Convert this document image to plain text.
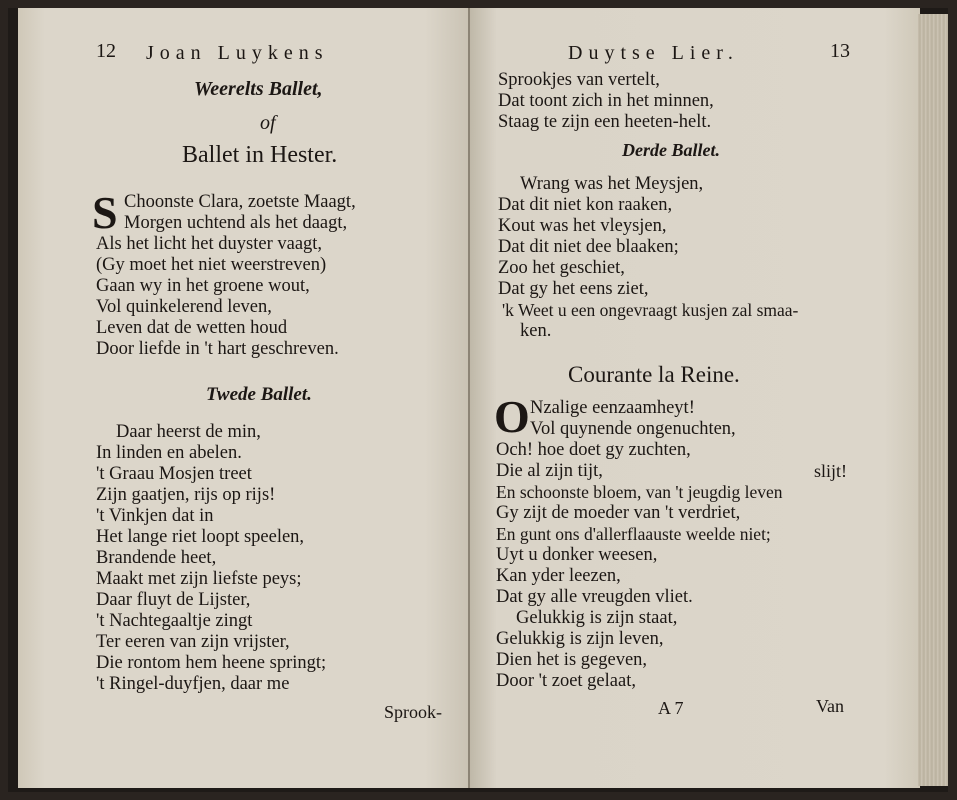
12 Joan Luykens
Weerelts Ballet,
of
Ballet in Hester.
S Choonste Clara, zoetste Maagt,
Morgen uchtend als het daagt,
Als het licht het duyster vaagt,
(Gy moet het niet weerstreven)
Gaan wy in het groene wout,
Vol quinkelerend leven,
Leven dat de wetten houd
Door liefde in 't hart geschreven.
Twede Ballet.
Daar heerst de min,
In linden en abelen.
't Graau Mosjen treet
Zijn gaatjen, rijs op rijs!
't Vinkjen dat in
Het lange riet loopt speelen,
Brandende heet,
Maakt met zijn liefste peys;
Daar fluyt de Lijster,
't Nachtegaaltje zingt
Ter eeren van zijn vrijster,
Die rontom hem heene springt;
't Ringel-duyfjen, daar me
Sprook-
Duytse Lier.	13
Sprookjes van vertelt,
Dat toont zich in het minnen,
Staag te zijn een heeten-helt.
Derde Ballet.
Wrang was het Meysjen,
Dat dit niet kon raaken,
Kout was het vleysjen,
Dat dit niet dee blaaken;
Zoo het geschiet,
Dat gy het eens ziet,
'k Weet u een ongevraagt kusjen zal smaa-
ken.
Courante la Reine.
O Nzalige eenzaamheyt!
Vol quynende ongenuchten,
Och! hoe doet gy zuchten,
Die al zijn tijt,
En schoonste bloem, van 't jeugdig leven
Gy zijt de moeder van 't verdriet,
En gunt ons d'allerflaauste weelde niet;
Uyt u donker weesen,
Kan yder leezen,
Dat gy alle vreugden vliet.
Gelukkig is zijn staat,
Gelukkig is zijn leven,
Dien het is gegeven,
Door 't zoet gelaat,
slijt!
A 7	Van
